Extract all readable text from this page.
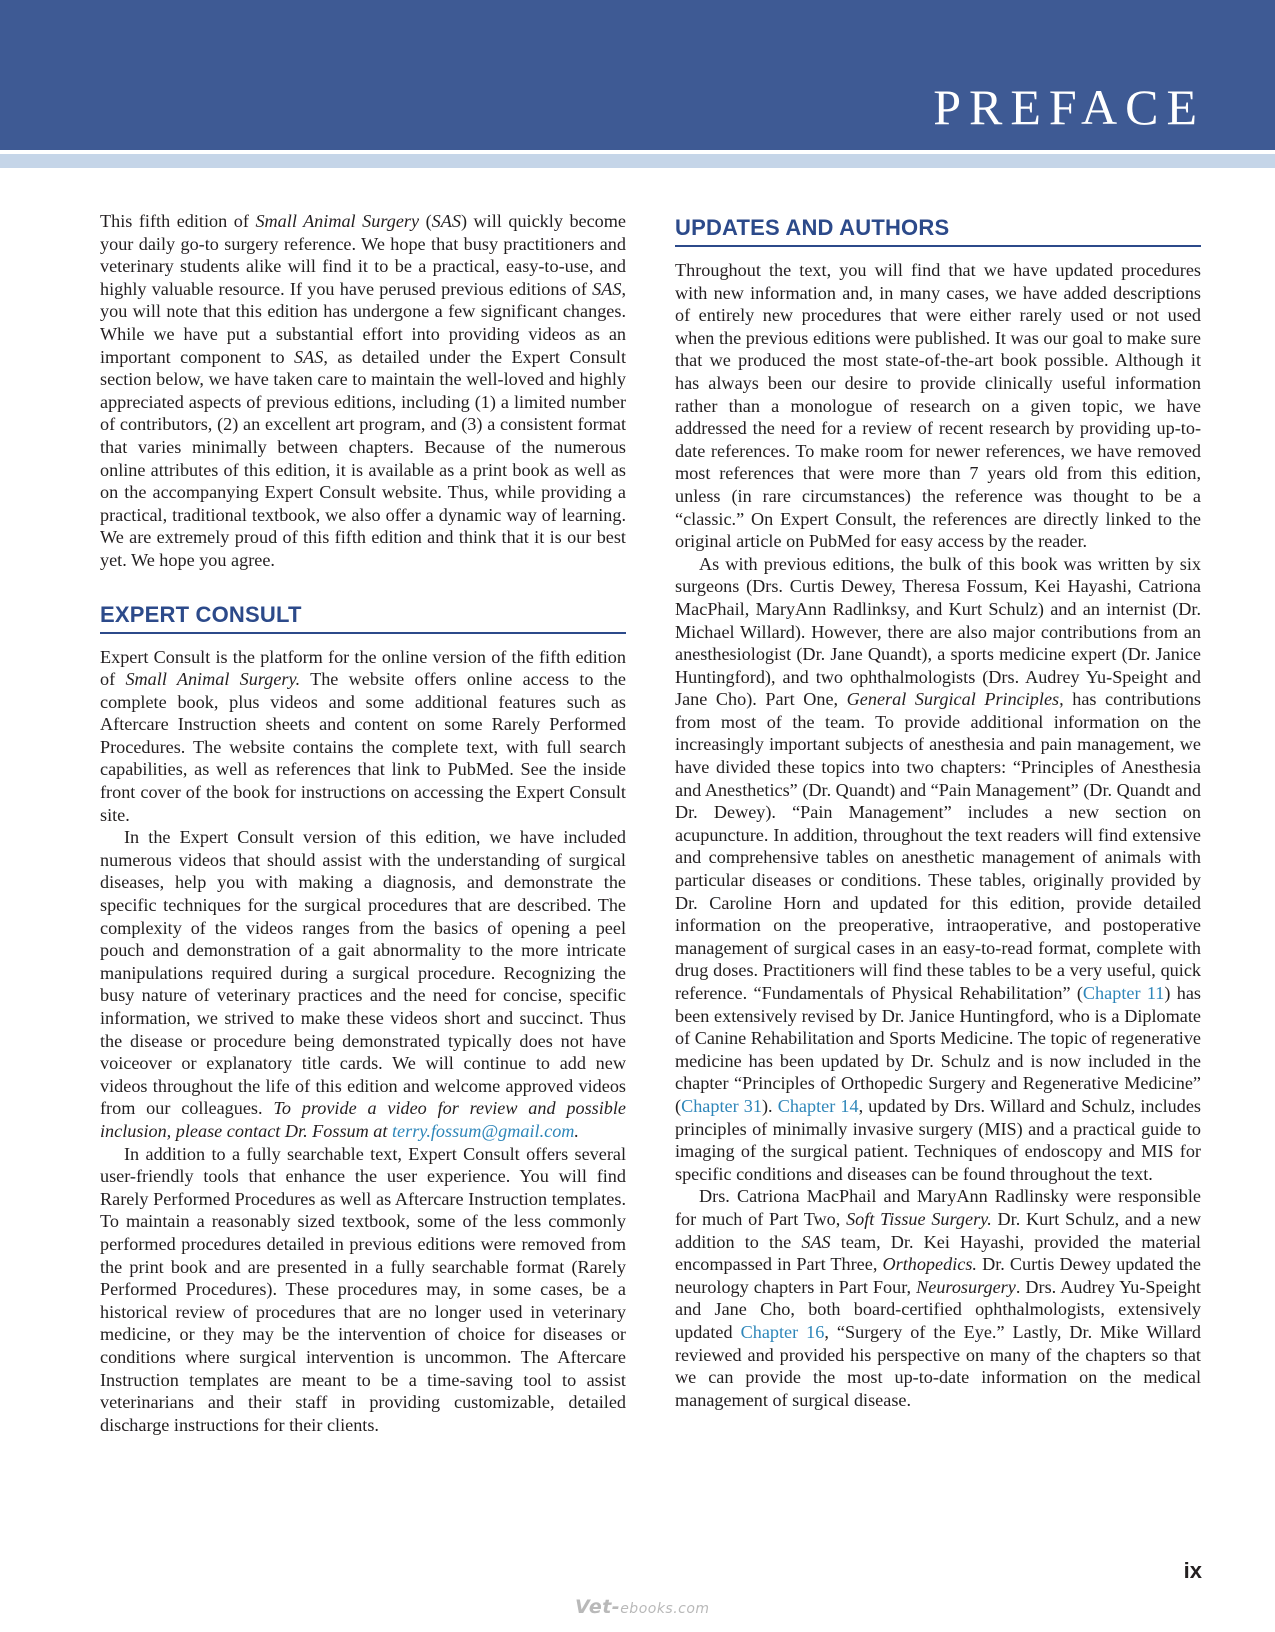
PREFACE

This fifth edition of Small Animal Surgery (SAS) will quickly become your daily go-to surgery reference. We hope that busy practitioners and veterinary students alike will find it to be a practical, easy-to-use, and highly valuable resource. If you have perused previous editions of SAS, you will note that this edition has undergone a few significant changes. While we have put a substantial effort into providing videos as an important component to SAS, as detailed under the Expert Consult section below, we have taken care to maintain the well-loved and highly appreciated aspects of previous editions, including (1) a limited number of contributors, (2) an excellent art program, and (3) a consistent format that varies minimally between chapters. Because of the numerous online attributes of this edition, it is available as a print book as well as on the accompanying Expert Consult website. Thus, while providing a practical, traditional textbook, we also offer a dynamic way of learning. We are extremely proud of this fifth edition and think that it is our best yet. We hope you agree.

EXPERT CONSULT

Expert Consult is the platform for the online version of the fifth edition of Small Animal Surgery. The website offers online access to the complete book, plus videos and some additional features such as Aftercare Instruction sheets and content on some Rarely Performed Procedures. The website contains the complete text, with full search capabilities, as well as references that link to PubMed. See the inside front cover of the book for instructions on accessing the Expert Consult site.

In the Expert Consult version of this edition, we have included numerous videos that should assist with the understanding of surgical diseases, help you with making a diagnosis, and demonstrate the specific techniques for the surgical procedures that are described. The complexity of the videos ranges from the basics of opening a peel pouch and demonstration of a gait abnormality to the more intricate manipulations required during a surgical procedure. Recognizing the busy nature of veterinary practices and the need for concise, specific information, we strived to make these videos short and succinct. Thus the disease or procedure being demonstrated typically does not have voiceover or explanatory title cards. We will continue to add new videos throughout the life of this edition and welcome approved videos from our colleagues. To provide a video for review and possible inclusion, please contact Dr. Fossum at terry.fossum@gmail.com.

In addition to a fully searchable text, Expert Consult offers several user-friendly tools that enhance the user experience. You will find Rarely Performed Procedures as well as Aftercare Instruction templates. To maintain a reasonably sized textbook, some of the less commonly performed procedures detailed in previous editions were removed from the print book and are presented in a fully searchable format (Rarely Performed Procedures). These procedures may, in some cases, be a historical review of procedures that are no longer used in veterinary medicine, or they may be the intervention of choice for diseases or conditions where surgical intervention is uncommon. The Aftercare Instruction templates are meant to be a time-saving tool to assist veterinarians and their staff in providing customizable, detailed discharge instructions for their clients.

UPDATES AND AUTHORS

Throughout the text, you will find that we have updated procedures with new information and, in many cases, we have added descriptions of entirely new procedures that were either rarely used or not used when the previous editions were published. It was our goal to make sure that we produced the most state-of-the-art book possible. Although it has always been our desire to provide clinically useful information rather than a monologue of research on a given topic, we have addressed the need for a review of recent research by providing up-to-date references. To make room for newer references, we have removed most references that were more than 7 years old from this edition, unless (in rare circumstances) the reference was thought to be a “classic.” On Expert Consult, the references are directly linked to the original article on PubMed for easy access by the reader.

As with previous editions, the bulk of this book was written by six surgeons (Drs. Curtis Dewey, Theresa Fossum, Kei Hayashi, Catriona MacPhail, MaryAnn Radlinksy, and Kurt Schulz) and an internist (Dr. Michael Willard). However, there are also major contributions from an anesthesiologist (Dr. Jane Quandt), a sports medicine expert (Dr. Janice Huntingford), and two ophthalmologists (Drs. Audrey Yu-Speight and Jane Cho). Part One, General Surgical Principles, has contributions from most of the team. To provide additional information on the increasingly important subjects of anesthesia and pain management, we have divided these topics into two chapters: “Principles of Anesthesia and Anesthetics” (Dr. Quandt) and “Pain Management” (Dr. Quandt and Dr. Dewey). “Pain Management” includes a new section on acupuncture. In addition, throughout the text readers will find extensive and comprehensive tables on anesthetic management of animals with particular diseases or conditions. These tables, originally provided by Dr. Caroline Horn and updated for this edition, provide detailed information on the preoperative, intraoperative, and postoperative management of surgical cases in an easy-to-read format, complete with drug doses. Practitioners will find these tables to be a very useful, quick reference. “Fundamentals of Physical Rehabilitation” (Chapter 11) has been extensively revised by Dr. Janice Huntingford, who is a Diplomate of Canine Rehabilitation and Sports Medicine. The topic of regenerative medicine has been updated by Dr. Schulz and is now included in the chapter “Principles of Orthopedic Surgery and Regenerative Medicine” (Chapter 31). Chapter 14, updated by Drs. Willard and Schulz, includes principles of minimally invasive surgery (MIS) and a practical guide to imaging of the surgical patient. Techniques of endoscopy and MIS for specific conditions and diseases can be found throughout the text.

Drs. Catriona MacPhail and MaryAnn Radlinsky were responsible for much of Part Two, Soft Tissue Surgery. Dr. Kurt Schulz, and a new addition to the SAS team, Dr. Kei Hayashi, provided the material encompassed in Part Three, Orthopedics. Dr. Curtis Dewey updated the neurology chapters in Part Four, Neurosurgery. Drs. Audrey Yu-Speight and Jane Cho, both board-certified ophthalmologists, extensively updated Chapter 16, “Surgery of the Eye.” Lastly, Dr. Mike Willard reviewed and provided his perspective on many of the chapters so that we can provide the most up-to-date information on the medical management of surgical disease.

ix
Vet-ebooks.com
